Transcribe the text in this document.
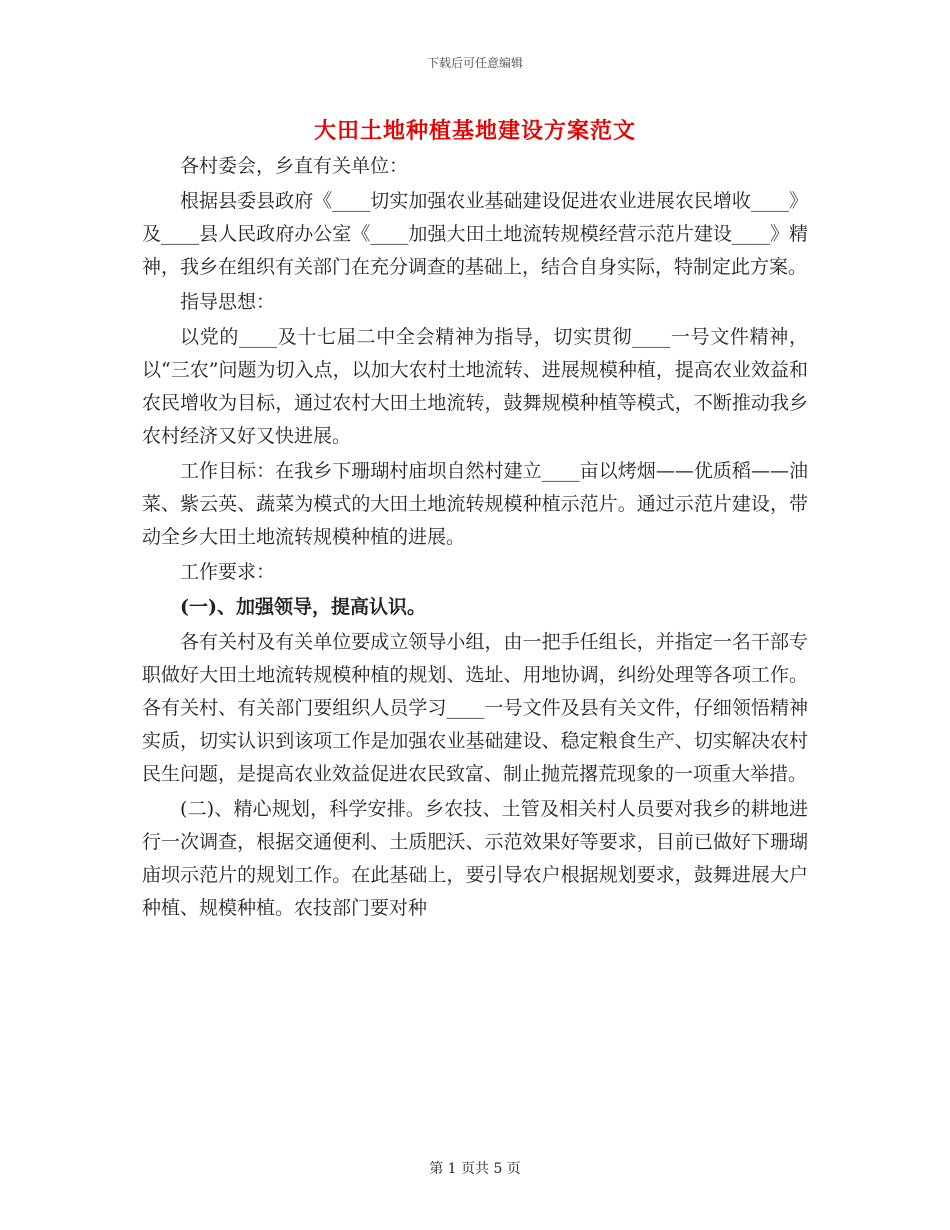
下载后可任意编辑
大田土地种植基地建设方案范文

各村委会，乡直有关单位：

根据县委县政府《____切实加强农业基础建设促进农业进展农民增收____》及____县人民政府办公室《____加强大田土地流转规模经营示范片建设____》精神，我乡在组织有关部门在充分调查的基础上，结合自身实际，特制定此方案。

指导思想：

以党的____及十七届二中全会精神为指导，切实贯彻____一号文件精神，以“三农”问题为切入点，以加大农村土地流转、进展规模种植，提高农业效益和农民增收为目标，通过农村大田土地流转，鼓舞规模种植等模式，不断推动我乡农村经济又好又快进展。

工作目标：在我乡下珊瑚村庙坝自然村建立____亩以烤烟——优质稻——油菜、紫云英、蔬菜为模式的大田土地流转规模种植示范片。通过示范片建设，带动全乡大田土地流转规模种植的进展。

工作要求：

(一)、加强领导，提高认识。

各有关村及有关单位要成立领导小组，由一把手任组长，并指定一名干部专职做好大田土地流转规模种植的规划、选址、用地协调，纠纷处理等各项工作。各有关村、有关部门要组织人员学习____一号文件及县有关文件，仔细领悟精神实质，切实认识到该项工作是加强农业基础建设、稳定粮食生产、切实解决农村民生问题，是提高农业效益促进农民致富、制止抛荒撂荒现象的一项重大举措。

(二)、精心规划，科学安排。乡农技、土管及相关村人员要对我乡的耕地进行一次调查，根据交通便利、土质肥沃、示范效果好等要求，目前已做好下珊瑚庙坝示范片的规划工作。在此基础上，要引导农户根据规划要求，鼓舞进展大户种植、规模种植。农技部门要对种

第 1 页共 5 页
